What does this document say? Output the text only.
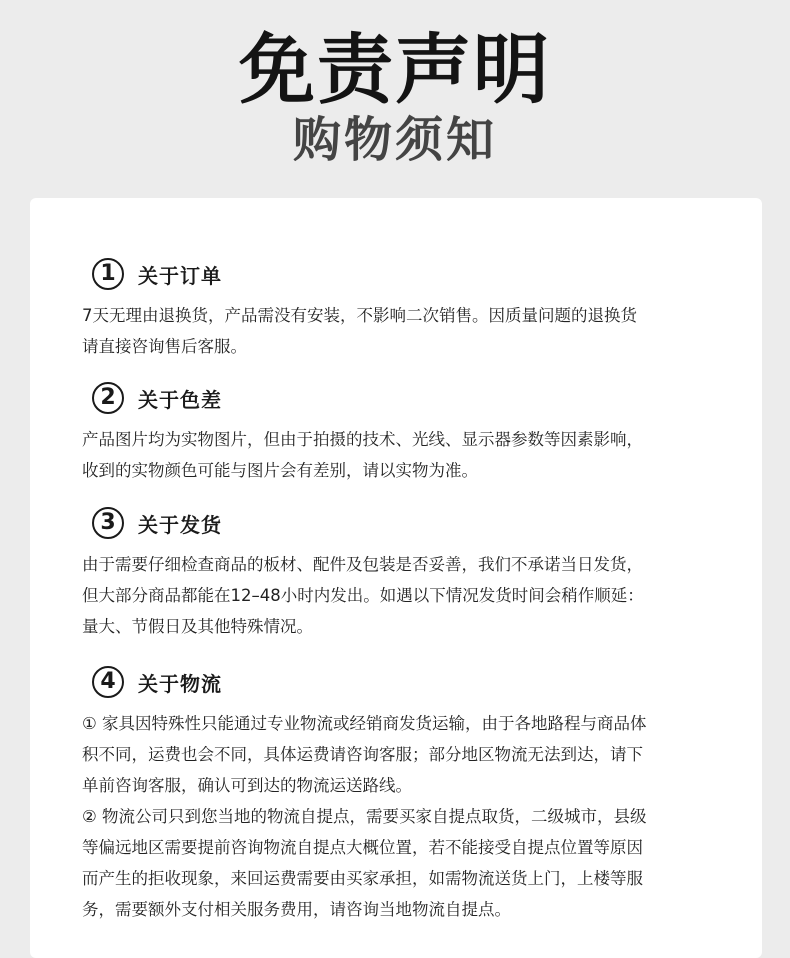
免责声明
购物须知
1	关于订单
7天无理由退换货，产品需没有安装，不影响二次销售。因质量问题的退换货
请直接咨询售后客服。
2	关于色差
产品图片均为实物图片，但由于拍摄的技术、光线、显示器参数等因素影响，
收到的实物颜色可能与图片会有差别，请以实物为准。
3	关于发货
由于需要仔细检查商品的板材、配件及包装是否妥善，我们不承诺当日发货，
但大部分商品都能在12–48小时内发出。如遇以下情况发货时间会稍作顺延：
量大、节假日及其他特殊情况。
4	关于物流
① 家具因特殊性只能通过专业物流或经销商发货运输，由于各地路程与商品体
积不同，运费也会不同，具体运费请咨询客服；部分地区物流无法到达，请下
单前咨询客服，确认可到达的物流运送路线。
② 物流公司只到您当地的物流自提点，需要买家自提点取货，二级城市，县级
等偏远地区需要提前咨询物流自提点大概位置，若不能接受自提点位置等原因
而产生的拒收现象，来回运费需要由买家承担，如需物流送货上门，上楼等服
务，需要额外支付相关服务费用，请咨询当地物流自提点。
